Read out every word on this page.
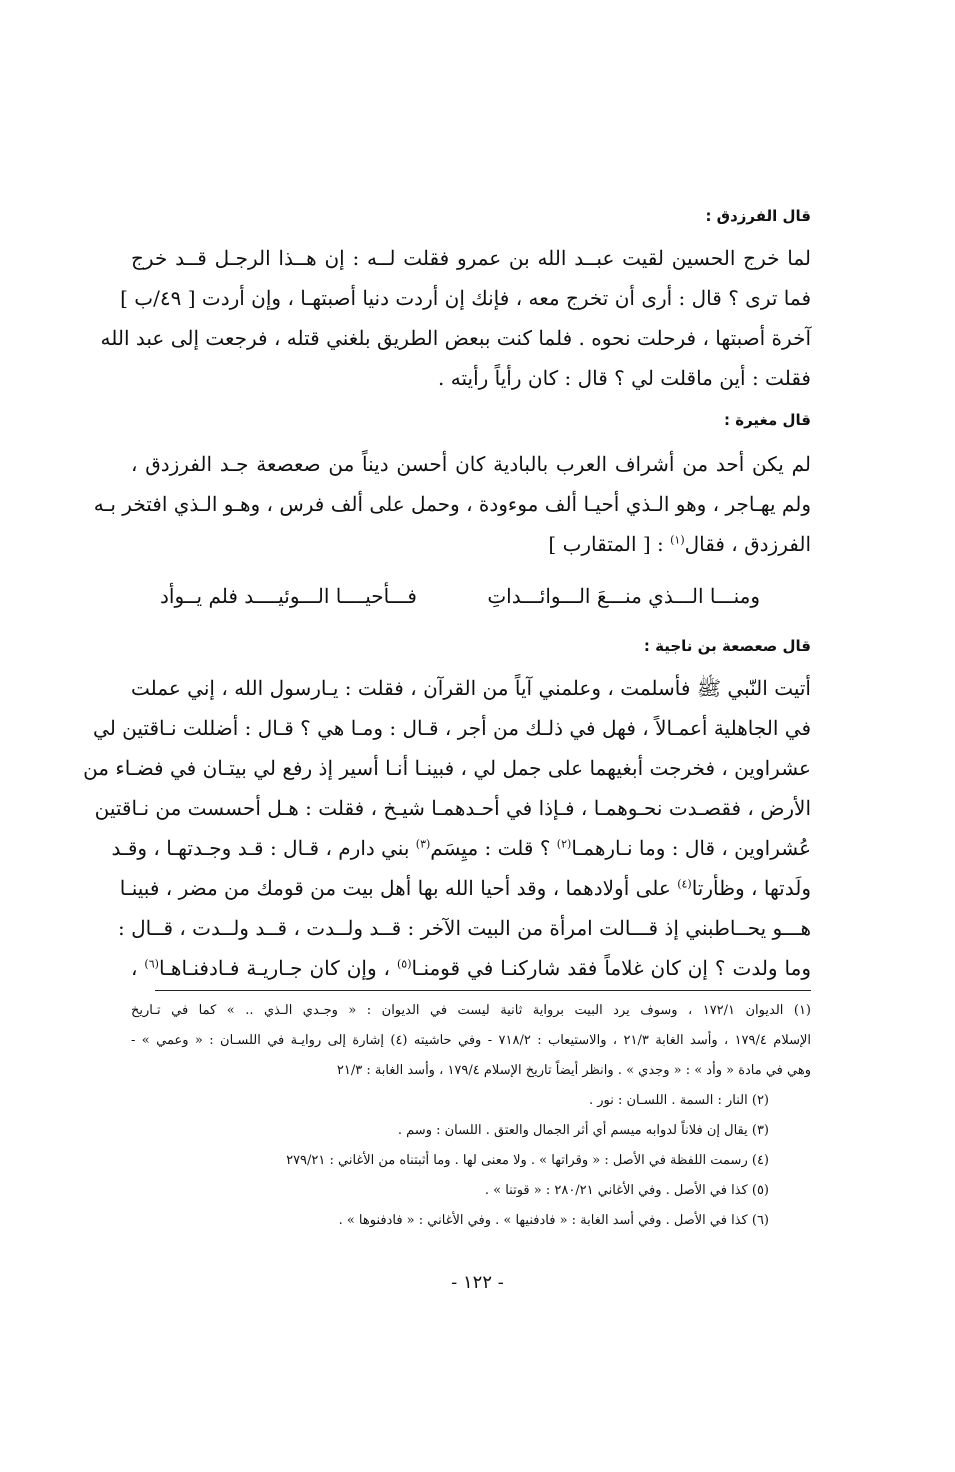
قال الفرزدق :

لما خرج الحسين لقيت عبــد الله بن عمرو فقلت لــه : إن هــذا الرجـل قــد خرج
فما ترى ؟ قال : أرى أن تخرج معه ، فإنك إن أردت دنيا أصبتهـا ، وإن أردت [ ٤٩/ب ]
آخرة أصبتها ، فرحلت نحوه . فلما كنت ببعض الطريق بلغني قتله ، فرجعت إلى عبد الله
فقلت : أين ماقلت لي ؟ قال : كان رأياً رأيته .

قال مغيرة :

لم يكن أحد من أشراف العرب بالبادية كان أحسن ديناً من صعصعة جـد الفرزدق ،
ولم يهـاجر ، وهو الـذي أحيـا ألف موءودة ، وحمل على ألف فرس ، وهـو الـذي افتخر بـه
الفرزدق ، فقال$^{(١)}$ : [ المتقارب ]
ومنـــا الـــذي منـــعَ الـــوائـــداتِ
فـــأحيــــا الـــوئيــــد فلم يــوأد

قال صعصعة بن ناجية :

أتيت النّبي ﷺ فأسلمت ، وعلمني آياً من القرآن ، فقلت : يـارسول الله ، إني عملت
في الجاهلية أعمـالاً ، فهل في ذلـك من أجر ، قـال : ومـا هي ؟ قـال : أضللت نـاقتين لي
عشراوين ، فخرجت أبغيهما على جمل لي ، فبينـا أنـا أسير إذ رفع لي بيتـان في فضـاء من
الأرض ، فقصـدت نحـوهمـا ، فـإذا في أحـدهمـا شيـخ ، فقلت : هـل أحسست من نـاقتين
عُشراوين ، قال : وما نـارهمـا$^{(٢)}$ ؟ قلت : ميِسَم$^{(٣)}$ بني دارم ، قـال : قـد وجـدتهـا ، وقـد
ولَدتها ، وظأرتا$^{(٤)}$ على أولادهما ، وقد أحيا الله بها أهل بيت من قومك من مضر ، فبينـا
هـــو يحــاطبني إذ قـــالت امرأة من البيت الآخر : قــد ولــدت ، قــد ولــدت ، قــال :
وما ولدت ؟ إن كان غلاماً فقد شاركنـا في قومنـا$^{(٥)}$ ، وإن كان جـاريـة فـادفنـاهـا$^{(٦)}$ ،
(١) الديوان ١٧٢/١ ، وسوف يرد البيت برواية ثانية ليست في الديوان : « وجـدي الـذي .. » كما في تـاريخ
الإسلام ١٧٩/٤ ، وأسد الغابة ٢١/٣ ، والاستيعاب : ٧١٨/٢ - وفي حاشيته (٤) إشارة إلى روايـة في اللسـان : « وعمي » -
وهي في مادة « وأد » : « وجدي » . وانظر أيضاً تاريخ الإسلام ١٧٩/٤ ، وأسد الغابة : ٢١/٣
(٢) النار : السمة . اللسـان : نور .
(٣) يقال إن فلاناً لدوابه ميسم أي أثر الجمال والعتق . اللسان : وسم .
(٤) رسمت اللفظة في الأصل : « وقراتها » . ولا معنى لها . وما أثبتناه من الأغاني : ٢٧٩/٢١
(٥) كذا في الأصل . وفي الأغاني ٢٨٠/٢١ : « قوتنا » .
(٦) كذا في الأصل . وفي أسد الغابة : « فادفنيها » . وفي الأغاني : « فادفنوها » .
- ١٢٢ -
